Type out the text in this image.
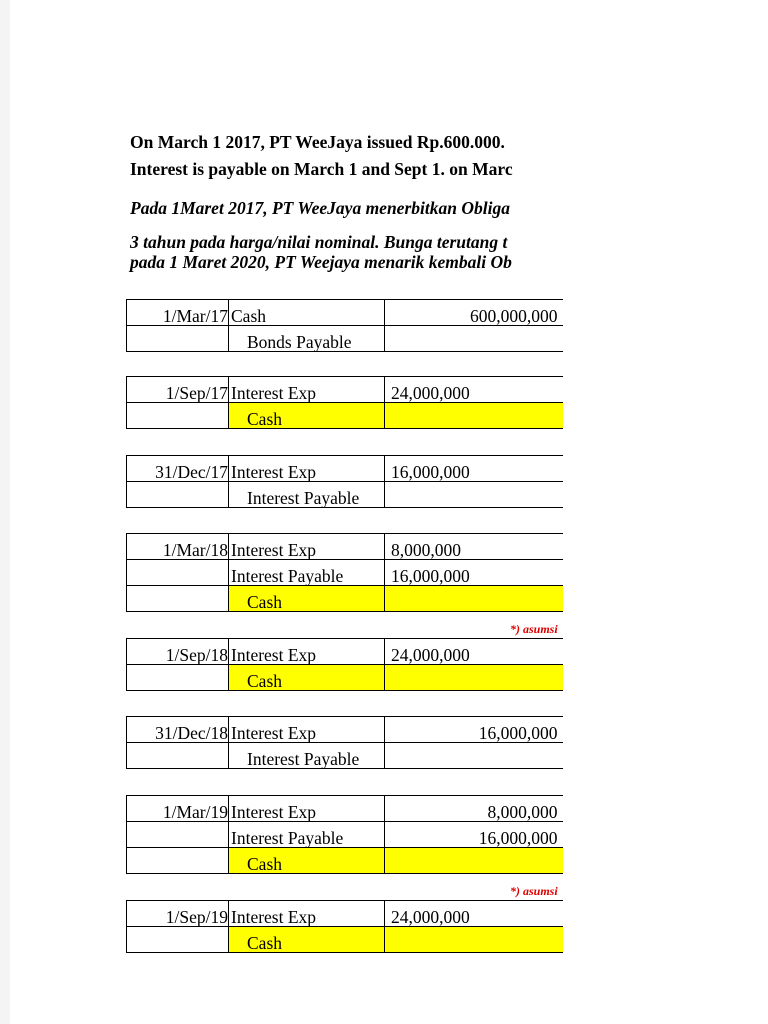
On March 1 2017, PT WeeJaya issued Rp.600.000.
Interest is payable on March 1 and Sept 1. on Marc
Pada 1Maret 2017, PT WeeJaya menerbitkan Obliga
3 tahun pada harga/nilai nominal. Bunga terutang t
pada 1 Maret 2020, PT Weejaya menarik kembali Ob
1/Mar/17	Cash	600,000,000
	Bonds Payable	
1/Sep/17	Interest Exp	24,000,000
	Cash	
31/Dec/17	Interest Exp	16,000,000
	Interest Payable	
1/Mar/18	Interest Exp	8,000,000
	Interest Payable	16,000,000
	Cash	
1/Sep/18	Interest Exp	24,000,000
	Cash	
31/Dec/18	Interest Exp	16,000,000
	Interest Payable	
1/Mar/19	Interest Exp	8,000,000
	Interest Payable	16,000,000
	Cash	
1/Sep/19	Interest Exp	24,000,000
	Cash	
*) asumsi
*) asumsi
